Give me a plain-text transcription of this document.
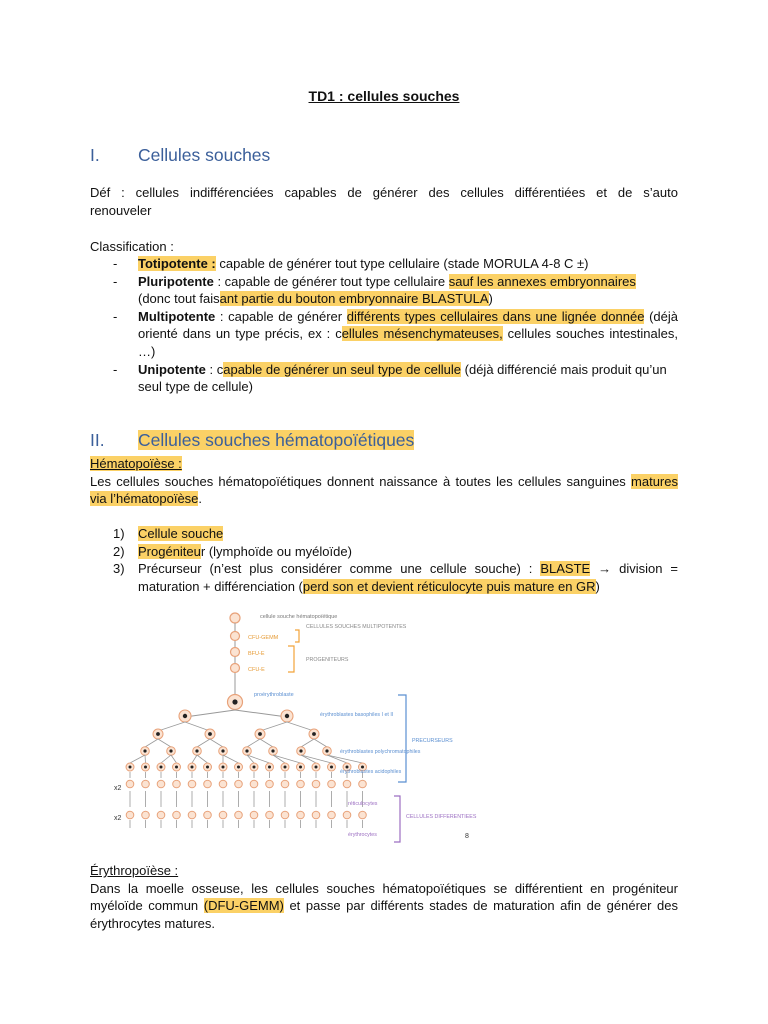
TD1 : cellules souches
I. Cellules souches
Déf : cellules indifférenciées capables de générer des cellules différentiées et de s’auto
renouveler
Classification :
- Totipotente : capable de générer tout type cellulaire (stade MORULA 4-8 C ±)
- Pluripotente : capable de générer tout type cellulaire sauf les annexes embryonnaires
(donc tout faisant partie du bouton embryonnaire BLASTULA)
- Multipotente : capable de générer différents types cellulaires dans une lignée donnée (déjà orienté dans un type précis, ex : cellules mésenchymateuses, cellules souches intestinales, …)
- Unipotente : capable de générer un seul type de cellule (déjà différencié mais produit qu’un seul type de cellule)
II. Cellules souches hématopoïétiques
Hématopoïèse :
Les cellules souches hématopoïétiques donnent naissance à toutes les cellules sanguines matures via l’hématopoïèse.
1) Cellule souche
2) Progéniteur (lymphoïde ou myéloïde)
3) Précurseur (n’est plus considérer comme une cellule souche) : BLASTE → division = maturation + différenciation (perd son et devient réticulocyte puis mature en GR)
cellule souche hématopoïétique
CFU-GEMM
BFU-E
CFU-E
CELLULES SOUCHES MULTIPOTENTES
PROGENITEURS
proérythroblaste
érythroblastes basophiles I et II
érythroblastes polychromatophiles
érythroblastes acidophiles
réticulocytes
érythrocytes
PRECURSEURS
CELLULES DIFFERENTIEES
x2
x2
8
Érythropoïèse :
Dans la moelle osseuse, les cellules souches hématopoïétiques se différentient en progéniteur myéloïde commun (DFU-GEMM) et passe par différents stades de maturation afin de générer des érythrocytes matures.
